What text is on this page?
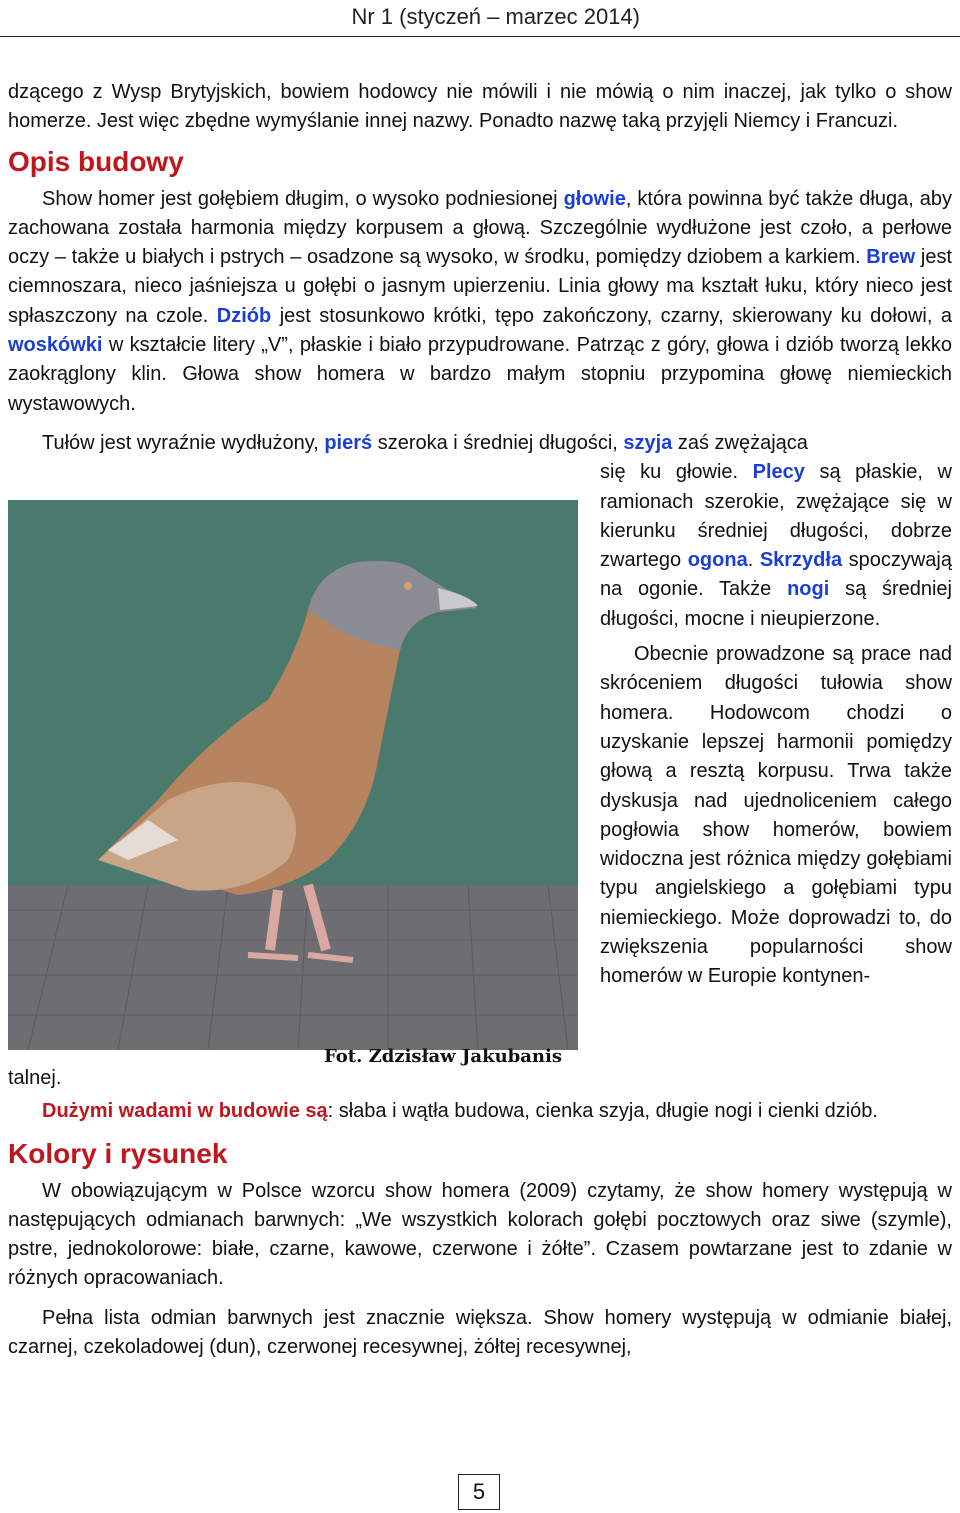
Nr 1 (styczeń – marzec 2014)

dzącego z Wysp Brytyjskich, bowiem hodowcy nie mówili i nie mówią o nim inaczej, jak tylko o show homerze. Jest więc zbędne wymyślanie innej nazwy. Ponadto nazwę taką przyjęli Niemcy i Francuzi.

Opis budowy

Show homer jest gołębiem długim, o wysoko podniesionej głowie, która powinna być także długa, aby zachowana została harmonia między korpusem a głową. Szczególnie wydłużone jest czoło, a perłowe oczy – także u białych i pstrych – osadzone są wysoko, w środku, pomiędzy dziobem a karkiem. Brew jest ciemnoszara, nieco jaśniejsza u gołębi o jasnym upierzeniu. Linia głowy ma kształt łuku, który nieco jest spłaszczony na czole. Dziób jest stosunkowo krótki, tępo zakończony, czarny, skierowany ku dołowi, a woskówki w kształcie litery „V”, płaskie i biało przypudrowane. Patrząc z góry, głowa i dziób tworzą lekko zaokrąglony klin. Głowa show homera w bardzo małym stopniu przypomina głowę niemieckich wystawowych.

Tułów jest wyraźnie wydłużony, pierś szeroka i średniej długości, szyja zaś zwężająca

Fot. Zdzisław Jakubanis

się ku głowie. Plecy są płaskie, w ramionach szerokie, zwężające się w kierunku średniej długości, dobrze zwartego ogona. Skrzydła spoczywają na ogonie. Także nogi są średniej długości, mocne i nieupierzone.

Obecnie prowadzone są prace nad skróceniem długości tułowia show homera. Hodowcom chodzi o uzyskanie lepszej harmonii pomiędzy głową a resztą korpusu. Trwa także dyskusja nad ujednoliceniem całego pogłowia show homerów, bowiem widoczna jest różnica między gołębiami typu angielskiego a gołębiami typu niemieckiego. Może doprowadzi to, do zwiększenia popularności show homerów w Europie kontynen-

talnej.

Dużymi wadami w budowie są: słaba i wątła budowa, cienka szyja, długie nogi i cienki dziób.

Kolory i rysunek

W obowiązującym w Polsce wzorcu show homera (2009) czytamy, że show homery występują w następujących odmianach barwnych: „We wszystkich kolorach gołębi pocztowych oraz siwe (szymle), pstre, jednokolorowe: białe, czarne, kawowe, czerwone i żółte”. Czasem powtarzane jest to zdanie w różnych opracowaniach.

Pełna lista odmian barwnych jest znacznie większa. Show homery występują w odmianie białej, czarnej, czekoladowej (dun), czerwonej recesywnej, żółtej recesywnej,

5
